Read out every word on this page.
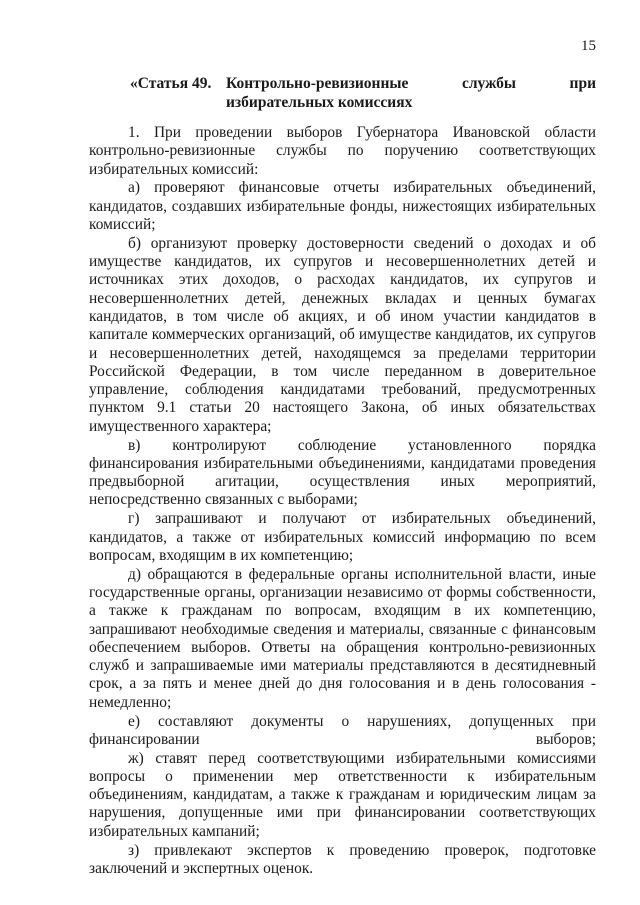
15
«Статья 49. Контрольно-ревизионные	службы	при
избирательных комиссиях

1. При проведении выборов Губернатора Ивановской области контрольно-ревизионные службы по поручению соответствующих избирательных комиссий:

а) проверяют финансовые отчеты избирательных объединений, кандидатов, создавших избирательные фонды, нижестоящих избирательных комиссий;

б) организуют проверку достоверности сведений о доходах и об имуществе кандидатов, их супругов и несовершеннолетних детей и источниках этих доходов, о расходах кандидатов, их супругов и несовершеннолетних детей, денежных вкладах и ценных бумагах кандидатов, в том числе об акциях, и об ином участии кандидатов в капитале коммерческих организаций, об имуществе кандидатов, их супругов и несовершеннолетних детей, находящемся за пределами территории Российской Федерации, в том числе переданном в доверительное управление, соблюдения кандидатами требований, предусмотренных пунктом 9.1 статьи 20 настоящего Закона, об иных обязательствах имущественного характера;

в) контролируют соблюдение установленного порядка финансирования избирательными объединениями, кандидатами проведения предвыборной агитации, осуществления иных мероприятий, непосредственно связанных с выборами;

г) запрашивают и получают от избирательных объединений, кандидатов, а также от избирательных комиссий информацию по всем вопросам, входящим в их компетенцию;

д) обращаются в федеральные органы исполнительной власти, иные государственные органы, организации независимо от формы собственности, а также к гражданам по вопросам, входящим в их компетенцию, запрашивают необходимые сведения и материалы, связанные с финансовым обеспечением выборов. Ответы на обращения контрольно-ревизионных служб и запрашиваемые ими материалы представляются в десятидневный срок, а за пять и менее дней до дня голосования и в день голосования - немедленно;

е) составляют документы о нарушениях, допущенных при финансировании выборов;

ж) ставят перед соответствующими избирательными комиссиями вопросы о применении мер ответственности к избирательным объединениям, кандидатам, а также к гражданам и юридическим лицам за нарушения, допущенные ими при финансировании соответствующих избирательных кампаний;

з) привлекают экспертов к проведению проверок, подготовке заключений и экспертных оценок.
